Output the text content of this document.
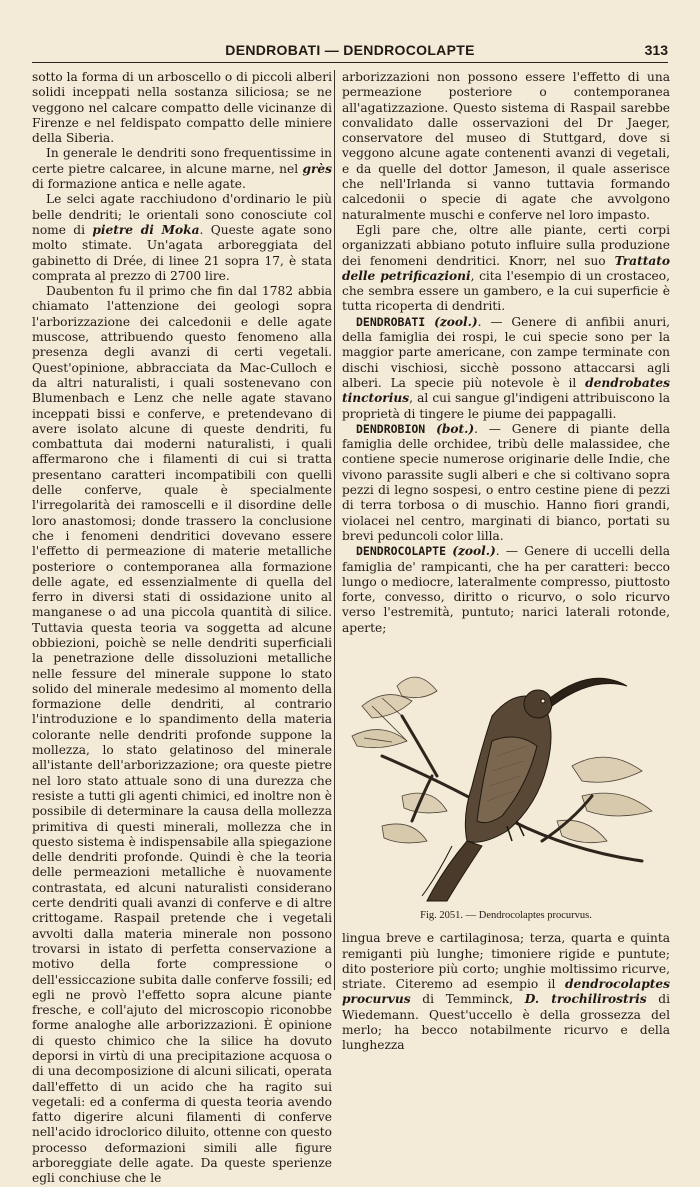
DENDROBATI — DENDROCOLAPTE	313

sotto la forma di un arboscello o di piccoli alberi solidi inceppati nella sostanza siliciosa; se ne veggono nel calcare compatto delle vicinanze di Firenze e nel feldispato compatto delle miniere della Siberia.

In generale le dendriti sono frequentissime in certe pietre calcaree, in alcune marne, nel grès di formazione antica e nelle agate.

Le selci agate racchiudono d'ordinario le più belle dendriti; le orientali sono conosciute col nome di pietre di Moka. Queste agate sono molto stimate. Un'agata arboreggiata del gabinetto di Drée, di linee 21 sopra 17, è stata comprata al prezzo di 2700 lire.

Daubenton fu il primo che fin dal 1782 abbia chiamato l'attenzione dei geologi sopra l'arborizzazione dei calcedonii e delle agate muscose, attribuendo questo fenomeno alla presenza degli avanzi di certi vegetali. Quest'opinione, abbracciata da Mac-Culloch e da altri naturalisti, i quali sostenevano con Blumenbach e Lenz che nelle agate stavano inceppati bissi e conferve, e pretendevano di avere isolato alcune di queste dendriti, fu combattuta dai moderni naturalisti, i quali affermarono che i filamenti di cui si tratta presentano caratteri incompatibili con quelli delle conferve, quale è specialmente l'irregolarità dei ramoscelli e il disordine delle loro anastomosi; donde trassero la conclusione che i fenomeni dendritici dovevano essere l'effetto di permeazione di materie metalliche posteriore o contemporanea alla formazione delle agate, ed essenzialmente di quella del ferro in diversi stati di ossidazione unito al manganese o ad una piccola quantità di silice. Tuttavia questa teoria va soggetta ad alcune obbiezioni, poichè se nelle dendriti superficiali la penetrazione delle dissoluzioni metalliche nelle fessure del minerale suppone lo stato solido del minerale medesimo al momento della formazione delle dendriti, al contrario l'introduzione e lo spandimento della materia colorante nelle dendriti profonde suppone la mollezza, lo stato gelatinoso del minerale all'istante dell'arborizzazione; ora queste pietre nel loro stato attuale sono di una durezza che resiste a tutti gli agenti chimici, ed inoltre non è possibile di determinare la causa della mollezza primitiva di questi minerali, mollezza che in questo sistema è indispensabile alla spiegazione delle dendriti profonde. Quindi è che la teoria delle permeazioni metalliche è nuovamente contrastata, ed alcuni naturalisti considerano certe dendriti quali avanzi di conferve e di altre crittogame. Raspail pretende che i vegetali avvolti dalla materia minerale non possono trovarsi in istato di perfetta conservazione a motivo della forte compressione o dell'essiccazione subita dalle conferve fossili; ed egli ne provò l'effetto sopra alcune piante fresche, e coll'ajuto del microscopio riconobbe forme analoghe alle arborizzazioni. È opinione di questo chimico che la silice ha dovuto deporsi in virtù di una precipitazione acquosa o di una decomposizione di alcuni silicati, operata dall'effetto di un acido che ha ragito sui vegetali: ed a conferma di questa teoria avendo fatto digerire alcuni filamenti di conferve nell'acido idroclorico diluito, ottenne con questo processo deformazioni simili alle figure arboreggiate delle agate. Da queste sperienze egli conchiuse che le

arborizzazioni non possono essere l'effetto di una permeazione posteriore o contemporanea all'agatizzazione. Questo sistema di Raspail sarebbe convalidato dalle osservazioni del Dr Jaeger, conservatore del museo di Stuttgard, dove si veggono alcune agate contenenti avanzi di vegetali, e da quelle del dottor Jameson, il quale asserisce che nell'Irlanda si vanno tuttavia formando calcedonii o specie di agate che avvolgono naturalmente muschi e conferve nel loro impasto.

Egli pare che, oltre alle piante, certi corpi organizzati abbiano potuto influire sulla produzione dei fenomeni dendritici. Knorr, nel suo Trattato delle petrificazioni, cita l'esempio di un crostaceo, che sembra essere un gambero, e la cui superficie è tutta ricoperta di dendriti.

DENDROBATI (zool.). — Genere di anfibii anuri, della famiglia dei rospi, le cui specie sono per la maggior parte americane, con zampe terminate con dischi vischiosi, sicchè possono attaccarsi agli alberi. La specie più notevole è il dendrobates tinctorius, al cui sangue gl'indigeni attribuiscono la proprietà di tingere le piume dei pappagalli.

DENDROBION (bot.). — Genere di piante della famiglia delle orchidee, tribù delle malassidee, che contiene specie numerose originarie delle Indie, che vivono parassite sugli alberi e che si coltivano sopra pezzi di legno sospesi, o entro cestine piene di pezzi di terra torbosa o di muschio. Hanno fiori grandi, violacei nel centro, marginati di bianco, portati su brevi peduncoli color lilla.

DENDROCOLAPTE (zool.). — Genere di uccelli della famiglia de' rampicanti, che ha per caratteri: becco lungo o mediocre, lateralmente compresso, piuttosto forte, convesso, diritto o ricurvo, o solo ricurvo verso l'estremità, puntuto; narici laterali rotonde, aperte;

Fig. 2051. — Dendrocolaptes procurvus.

lingua breve e cartilaginosa; terza, quarta e quinta remiganti più lunghe; timoniere rigide e puntute; dito posteriore più corto; unghie moltissimo ricurve, striate. Citeremo ad esempio il dendrocolaptes procurvus di Temminck, D. trochilirostris di Wiedemann. Quest'uccello è della grossezza del merlo; ha becco notabilmente ricurvo e della lunghezza
